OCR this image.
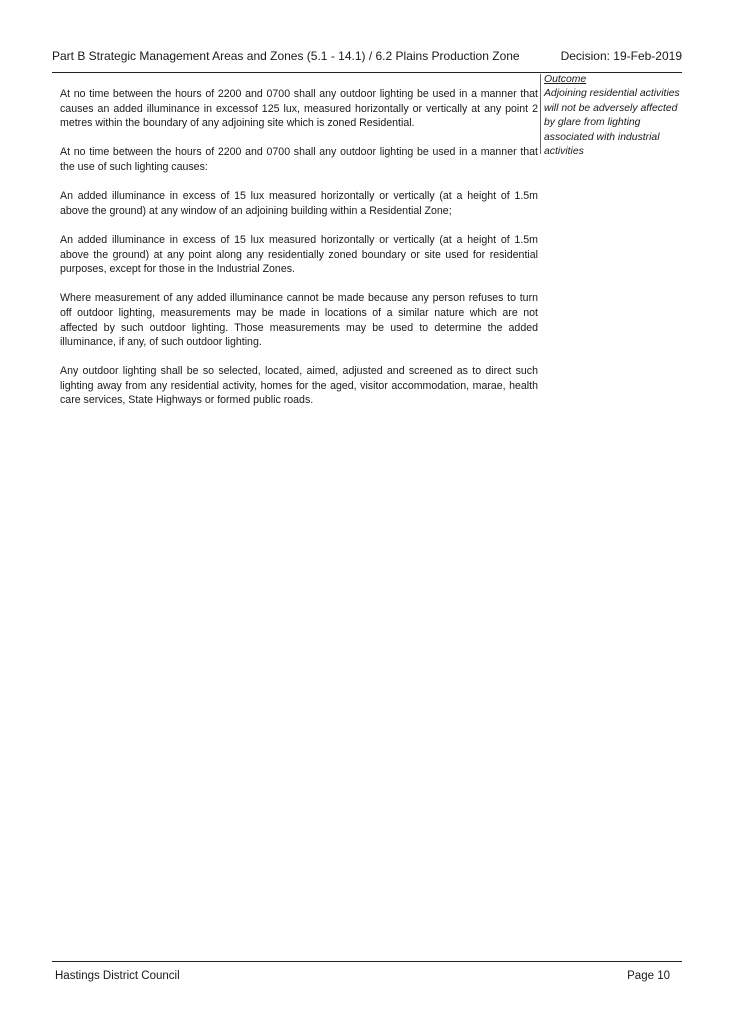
Part B Strategic Management Areas and Zones (5.1 - 14.1) / 6.2 Plains Production Zone	Decision: 19-Feb-2019

At no time between the hours of 2200 and 0700 shall any outdoor lighting be used in a manner that causes an added illuminance in excessof 125 lux, measured horizontally or vertically at any point 2 metres within the boundary of any adjoining site which is zoned Residential.

At no time between the hours of 2200 and 0700 shall any outdoor lighting be used in a manner that the use of such lighting causes:

An added illuminance in excess of 15 lux measured horizontally or vertically (at a height of 1.5m above the ground) at any window of an adjoining building within a Residential Zone;

An added illuminance in excess of 15 lux measured horizontally or vertically (at a height of 1.5m above the ground) at any point along any residentially zoned boundary or site used for residential purposes, except for those in the Industrial Zones.

Where measurement of any added illuminance cannot be made because any person refuses to turn off outdoor lighting, measurements may be made in locations of a similar nature which are not affected by such outdoor lighting. Those measurements may be used to determine the added illuminance, if any, of such outdoor lighting.

Any outdoor lighting shall be so selected, located, aimed, adjusted and screened as to direct such lighting away from any residential activity, homes for the aged, visitor accommodation, marae, health care services, State Highways or formed public roads.

Outcome
Adjoining residential activities will not be adversely affected by glare from lighting associated with industrial activities
Hastings District Council	Page 10
